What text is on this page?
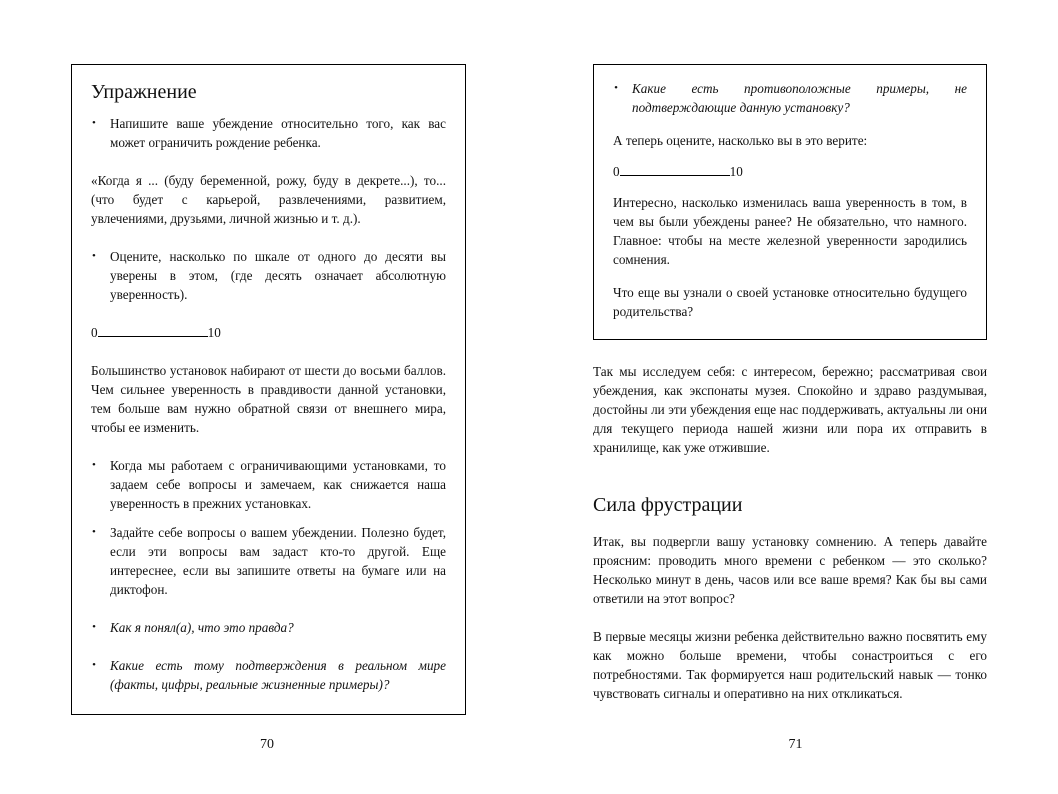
Упражнение
• Напишите ваше убеждение относительно того, как вас может ограничить рождение ребенка.

«Когда я ... (буду беременной, рожу, буду в декрете...), то... (что будет с карьерой, развлечениями, развитием, увлечениями, друзьями, личной жизнью и т. д.).

• Оцените, насколько по шкале от одного до десяти вы уверены в этом, (где десять означает абсолютную уверенность).
0	10

Большинство установок набирают от шести до восьми баллов. Чем сильнее уверенность в правдивости данной установки, тем больше вам нужно обратной связи от внешнего мира, чтобы ее изменить.

• Когда мы работаем с ограничивающими установками, то задаем себе вопросы и замечаем, как снижается наша уверенность в прежних установках.
• Задайте себе вопросы о вашем убеждении. Полезно будет, если эти вопросы вам задаст кто-то другой. Еще интереснее, если вы запишите ответы на бумаге или на диктофон.
• Как я понял(а), что это правда?
• Какие есть тому подтверждения в реальном мире (факты, цифры, реальные жизненные примеры)?
70
• Какие есть противоположные примеры, не подтверждающие данную установку?

А теперь оцените, насколько вы в это верите:

0	10

Интересно, насколько изменилась ваша уверенность в том, в чем вы были убеждены ранее? Не обязательно, что намного. Главное: чтобы на месте железной уверенности зародились сомнения.

Что еще вы узнали о своей установке относительно будущего родительства?

Так мы исследуем себя: с интересом, бережно; рассматривая свои убеждения, как экспонаты музея. Спокойно и здраво раздумывая, достойны ли эти убеждения еще нас поддерживать, актуальны ли они для текущего периода нашей жизни или пора их отправить в хранилище, как уже отжившие.

Сила фрустрации

Итак, вы подвергли вашу установку сомнению. А теперь давайте проясним: проводить много времени с ребенком — это сколько? Несколько минут в день, часов или все ваше время? Как бы вы сами ответили на этот вопрос?

В первые месяцы жизни ребенка действительно важно посвятить ему как можно больше времени, чтобы сонастроиться с его потребностями. Так формируется наш родительский навык — тонко чувствовать сигналы и оперативно на них откликаться.

71
